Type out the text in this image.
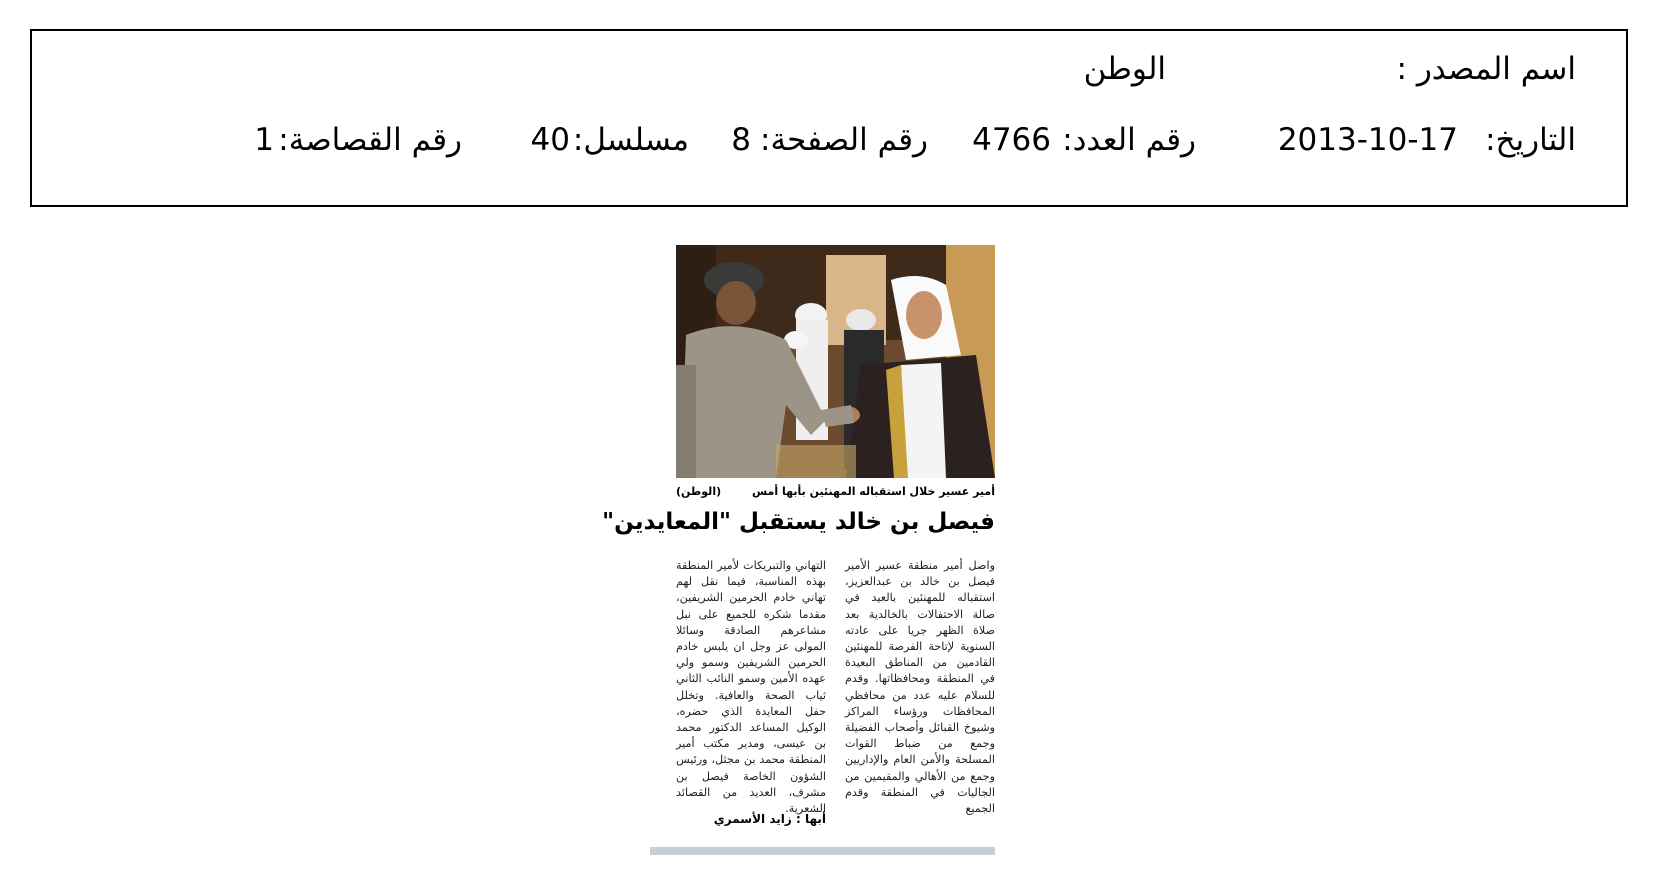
اسم المصدر :
الوطن
التاريخ:
2013-10-17
رقم العدد:
4766
رقم الصفحة:
8
مسلسل:
40
رقم القصاصة:
1
أمير عسير خلال استقباله المهنئين بأبها أمس
(الوطن)
فيصل بن خالد يستقبل "المعايدين"
واصل أمير منطقة عسير الأمير فيصل بن خالد بن عبدالعزيز، استقباله للمهنئين بالعيد في صالة الاحتفالات بالخالدية بعد صلاة الظهر جريا على عادته السنوية لإتاحة الفرصة للمهنئين القادمين من المناطق البعيدة في المنطقة ومحافظاتها. وقدم للسلام عليه عدد من محافظي المحافظات ورؤساء المراكز وشيوخ القبائل وأصحاب الفضيلة وجمع من ضباط القوات المسلحة والأمن العام والإداريين وجمع من الأهالي والمقيمين من الجاليات في المنطقة وقدم الجميع
التهاني والتبريكات لأمير المنطقة بهذه المناسبة، فيما نقل لهم تهاني خادم الحرمين الشريفين، مقدما شكره للجميع على نبل مشاعرهم الصادقة وسائلا المولى عز وجل ان يلبس خادم الحرمين الشريفين وسمو ولي عهده الأمين وسمو النائب الثاني ثياب الصحة والعافية. وتخلل حفل المعايدة الذي حضره، الوكيل المساعد الدكتور محمد بن عيسى، ومدير مكتب أمير المنطقة محمد بن مجثل، ورئيس الشؤون الخاصة فيصل بن مشرف، العديد من القصائد الشعرية.
أبها : زايد الأسمري
